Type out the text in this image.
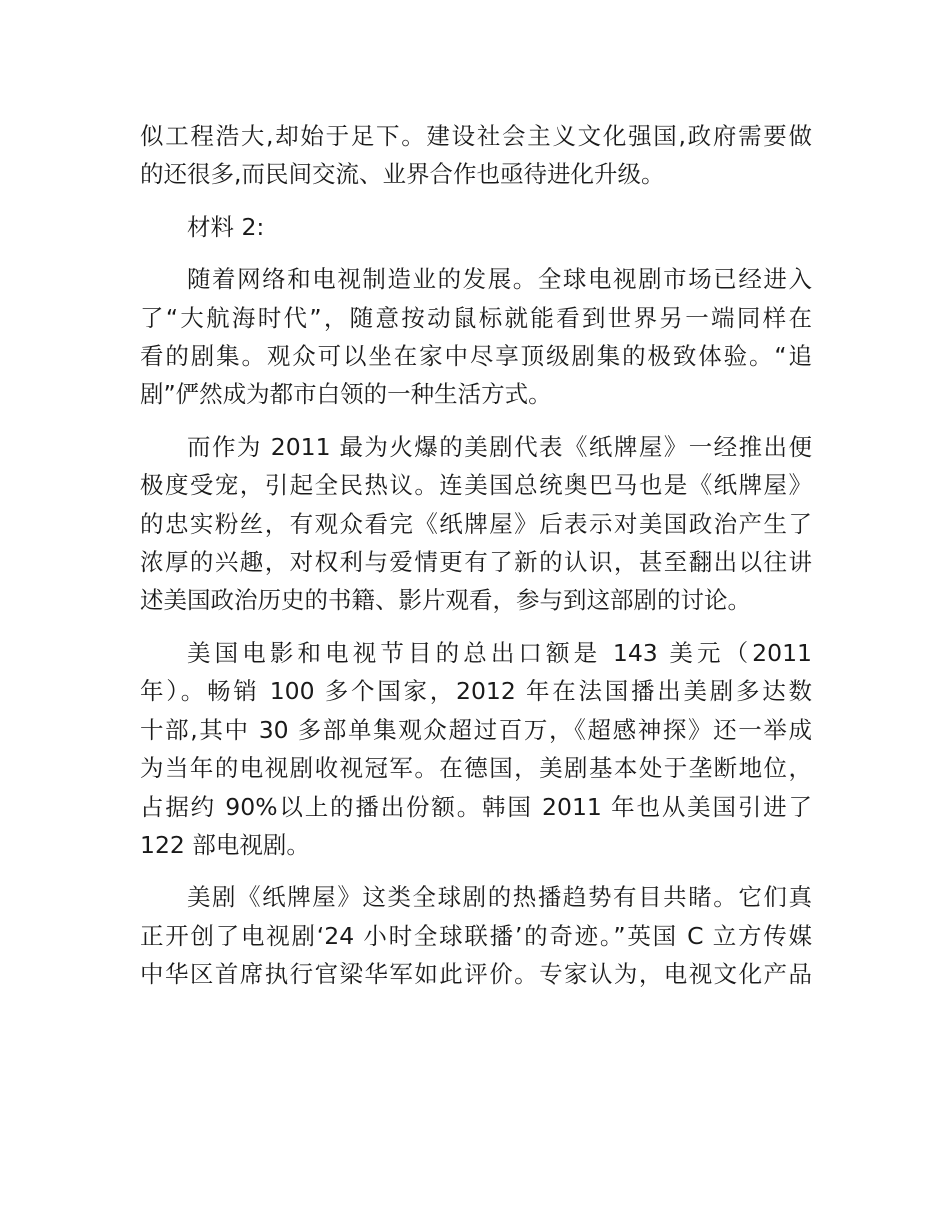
似工程浩大,却始于足下。建设社会主义文化强国,政府需要做
的还很多,而民间交流、业界合作也亟待进化升级。
材料 2:
随着网络和电视制造业的发展。全球电视剧市场已经进入
了“大航海时代”，随意按动鼠标就能看到世界另一端同样在
看的剧集。观众可以坐在家中尽享顶级剧集的极致体验。“追
剧”俨然成为都市白领的一种生活方式。
而作为 2011 最为火爆的美剧代表《纸牌屋》一经推出便
极度受宠，引起全民热议。连美国总统奥巴马也是《纸牌屋》
的忠实粉丝，有观众看完《纸牌屋》后表示对美国政治产生了
浓厚的兴趣，对权利与爱情更有了新的认识，甚至翻出以往讲
述美国政治历史的书籍、影片观看，参与到这部剧的讨论。
美国电影和电视节目的总出口额是 143 美元（2011
年）。畅销 100 多个国家，2012 年在法国播出美剧多达数
十部,其中 30 多部单集观众超过百万，《超感神探》还一举成
为当年的电视剧收视冠军。在德国，美剧基本处于垄断地位，
占据约 90%以上的播出份额。韩国 2011 年也从美国引进了
122 部电视剧。
美剧《纸牌屋》这类全球剧的热播趋势有目共睹。它们真
正开创了电视剧‘24 小时全球联播’的奇迹。”英国 C 立方传媒
中华区首席执行官梁华军如此评价。专家认为，电视文化产品
